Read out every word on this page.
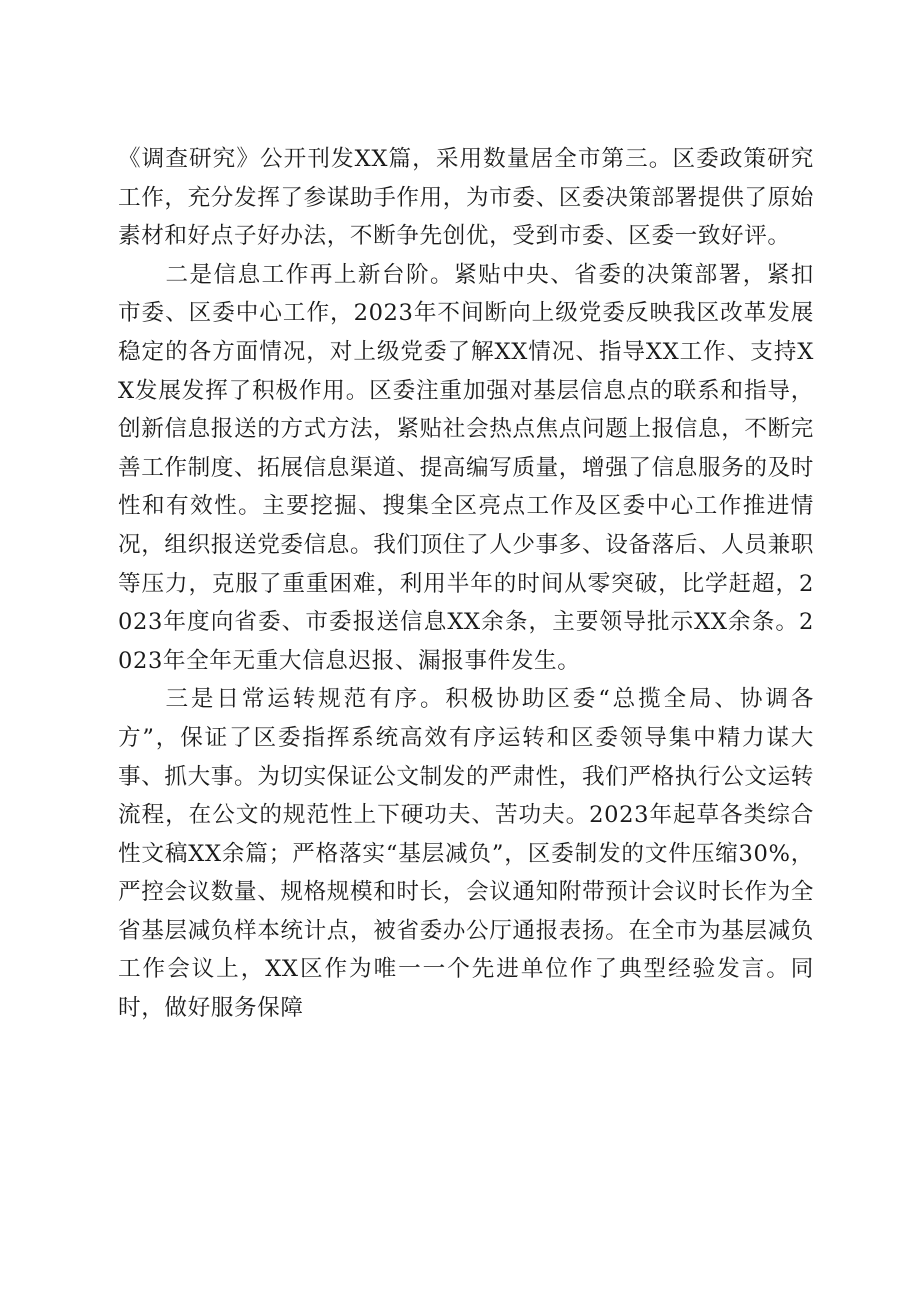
《调查研究》公开刊发XX篇，采用数量居全市第三。区委政策研究工作，充分发挥了参谋助手作用，为市委、区委决策部署提供了原始素材和好点子好办法，不断争先创优，受到市委、区委一致好评。

二是信息工作再上新台阶。紧贴中央、省委的决策部署，紧扣市委、区委中心工作，2023年不间断向上级党委反映我区改革发展稳定的各方面情况，对上级党委了解XX情况、指导XX工作、支持XX发展发挥了积极作用。区委注重加强对基层信息点的联系和指导，创新信息报送的方式方法，紧贴社会热点焦点问题上报信息，不断完善工作制度、拓展信息渠道、提高编写质量，增强了信息服务的及时性和有效性。主要挖掘、搜集全区亮点工作及区委中心工作推进情况，组织报送党委信息。我们顶住了人少事多、设备落后、人员兼职等压力，克服了重重困难，利用半年的时间从零突破，比学赶超，2023年度向省委、市委报送信息XX余条，主要领导批示XX余条。2023年全年无重大信息迟报、漏报事件发生。

三是日常运转规范有序。积极协助区委“总揽全局、协调各方”，保证了区委指挥系统高效有序运转和区委领导集中精力谋大事、抓大事。为切实保证公文制发的严肃性，我们严格执行公文运转流程，在公文的规范性上下硬功夫、苦功夫。2023年起草各类综合性文稿XX余篇；严格落实“基层减负”，区委制发的文件压缩30%，严控会议数量、规格规模和时长，会议通知附带预计会议时长作为全省基层减负样本统计点，被省委办公厅通报表扬。在全市为基层减负工作会议上，XX区作为唯一一个先进单位作了典型经验发言。同时，做好服务保障
